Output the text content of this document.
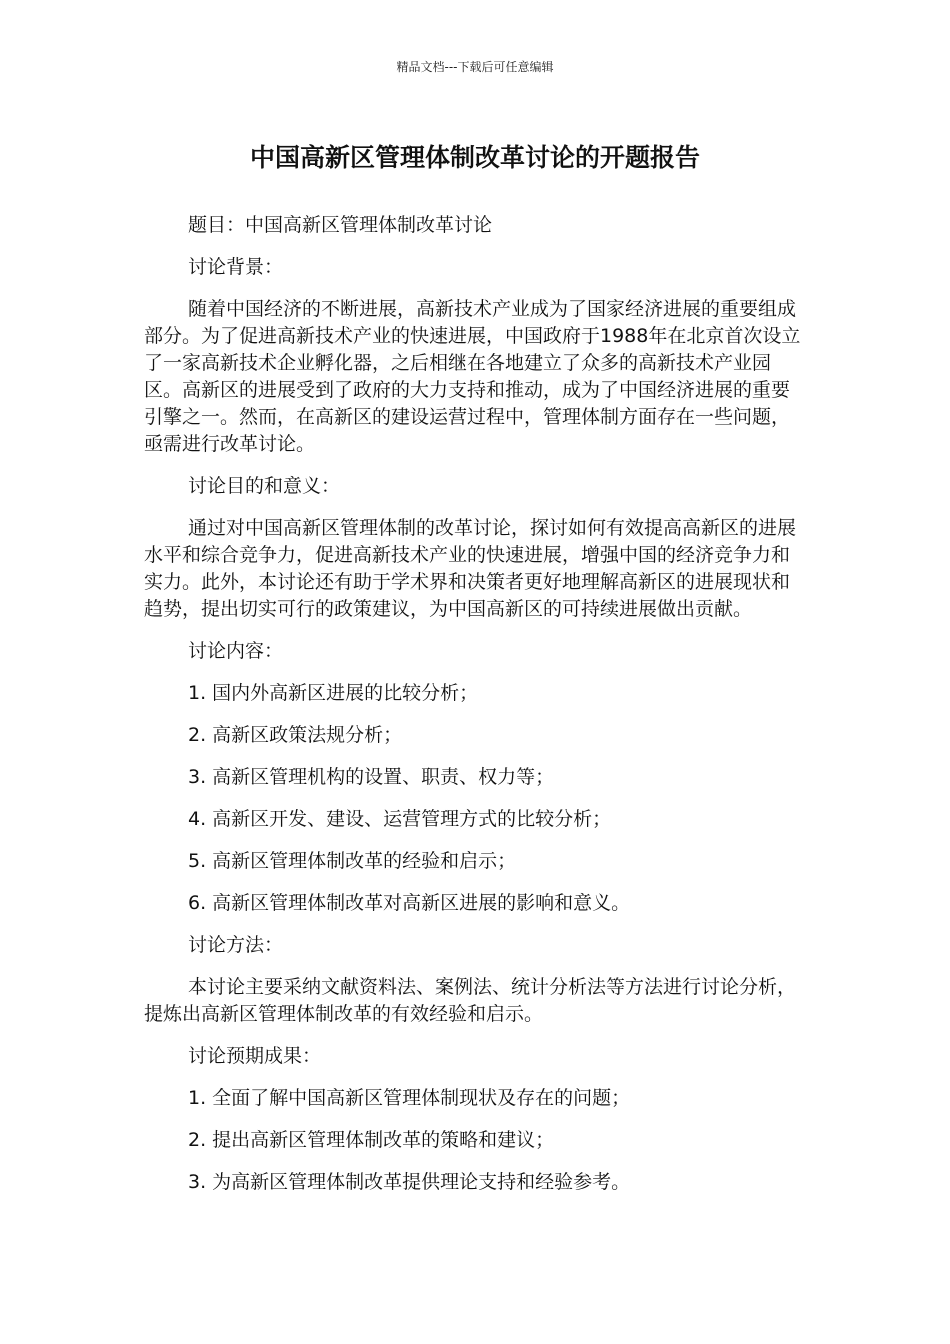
精品文档---下载后可任意编辑
中国高新区管理体制改革讨论的开题报告

题目：中国高新区管理体制改革讨论

讨论背景：

随着中国经济的不断进展，高新技术产业成为了国家经济进展的重要组成部分。为了促进高新技术产业的快速进展，中国政府于1988年在北京首次设立了一家高新技术企业孵化器，之后相继在各地建立了众多的高新技术产业园区。高新区的进展受到了政府的大力支持和推动，成为了中国经济进展的重要引擎之一。然而，在高新区的建设运营过程中，管理体制方面存在一些问题，亟需进行改革讨论。

讨论目的和意义：

通过对中国高新区管理体制的改革讨论，探讨如何有效提高高新区的进展水平和综合竞争力，促进高新技术产业的快速进展，增强中国的经济竞争力和实力。此外，本讨论还有助于学术界和决策者更好地理解高新区的进展现状和趋势，提出切实可行的政策建议，为中国高新区的可持续进展做出贡献。

讨论内容：

1. 国内外高新区进展的比较分析；

2. 高新区政策法规分析；

3. 高新区管理机构的设置、职责、权力等；

4. 高新区开发、建设、运营管理方式的比较分析；

5. 高新区管理体制改革的经验和启示；

6. 高新区管理体制改革对高新区进展的影响和意义。

讨论方法：

本讨论主要采纳文献资料法、案例法、统计分析法等方法进行讨论分析，提炼出高新区管理体制改革的有效经验和启示。

讨论预期成果：

1. 全面了解中国高新区管理体制现状及存在的问题；

2. 提出高新区管理体制改革的策略和建议；

3. 为高新区管理体制改革提供理论支持和经验参考。
